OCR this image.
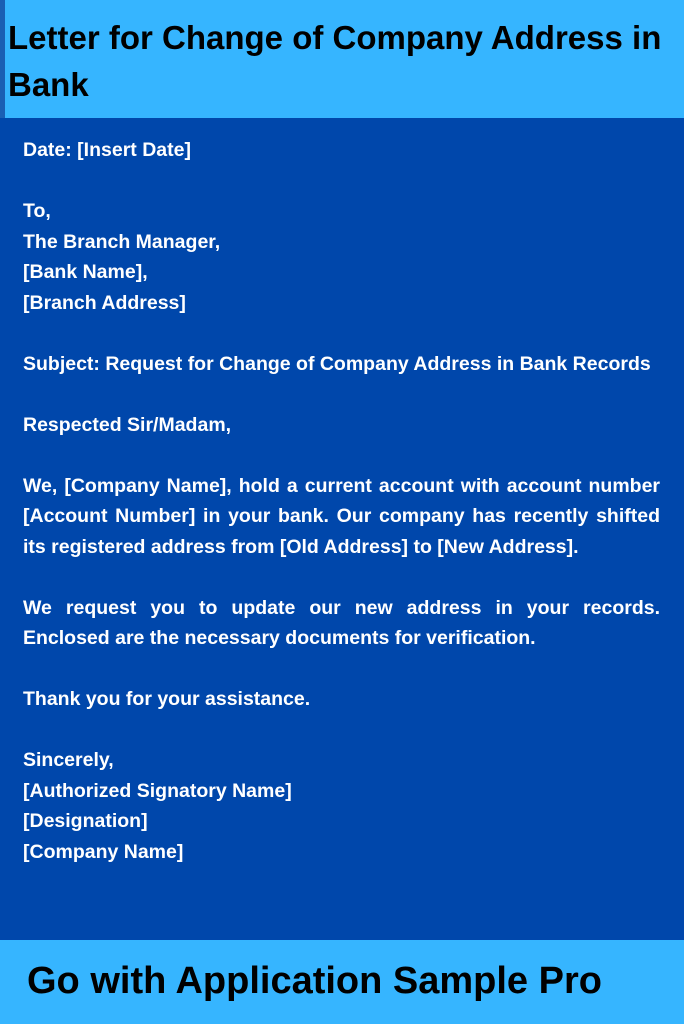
Letter for Change of Company Address in Bank

Date: [Insert Date]

To,
The Branch Manager,
[Bank Name],
[Branch Address]

Subject: Request for Change of Company Address in Bank Records

Respected Sir/Madam,

We, [Company Name], hold a current account with account number [Account Number] in your bank. Our company has recently shifted its registered address from [Old Address] to [New Address].

We request you to update our new address in your records. Enclosed are the necessary documents for verification.

Thank you for your assistance.

Sincerely,
[Authorized Signatory Name]
[Designation]
[Company Name]

Go with Application Sample Pro
